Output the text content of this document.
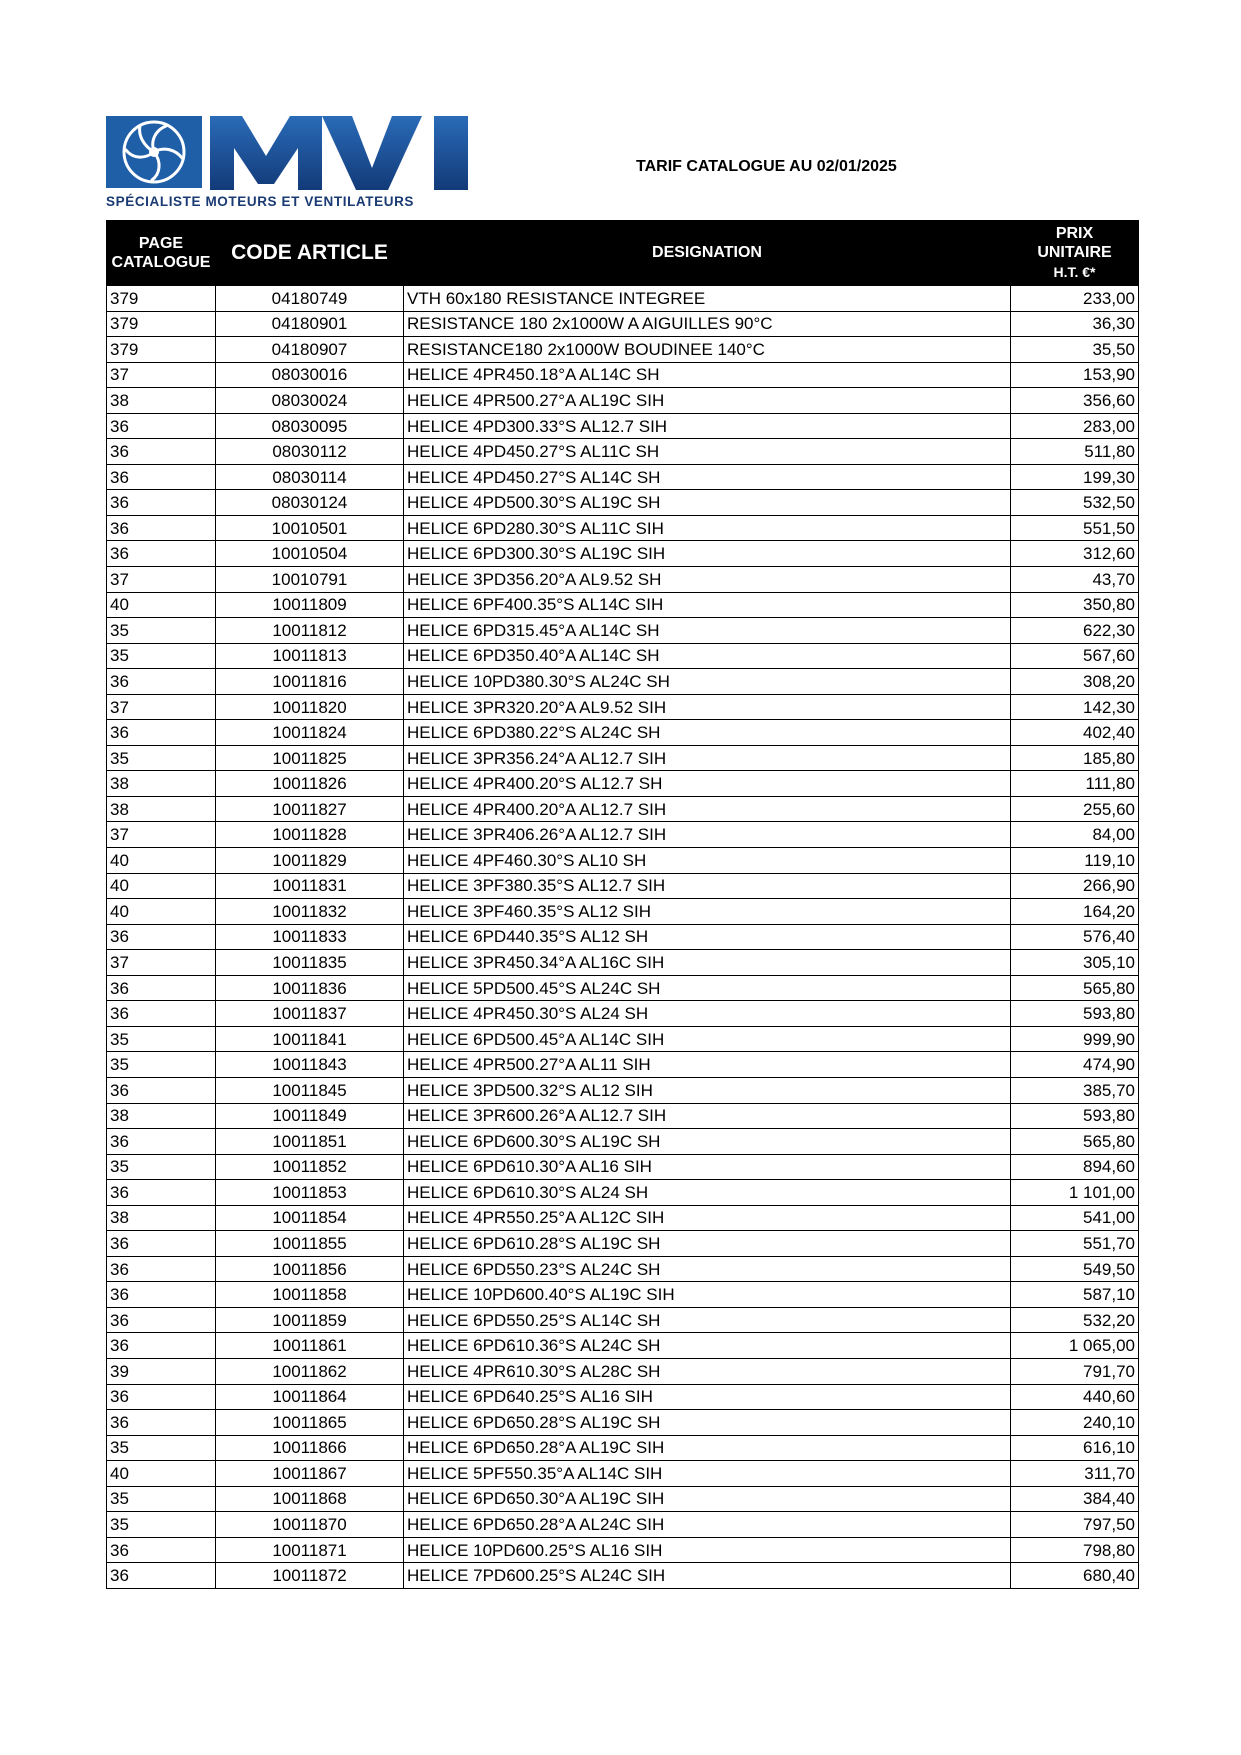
SPÉCIALISTE MOTEURS ET VENTILATEURS
TARIF CATALOGUE AU 02/01/2025
PAGE
CATALOGUE	CODE ARTICLE	DESIGNATION	PRIX
UNITAIRE
H.T. €*
379	04180749	VTH 60x180 RESISTANCE INTEGREE	233,00
379	04180901	RESISTANCE 180 2x1000W A AIGUILLES 90°C	36,30
379	04180907	RESISTANCE180 2x1000W BOUDINEE 140°C	35,50
37	08030016	HELICE 4PR450.18°A AL14C SH	153,90
38	08030024	HELICE 4PR500.27°A AL19C SIH	356,60
36	08030095	HELICE 4PD300.33°S AL12.7 SIH	283,00
36	08030112	HELICE 4PD450.27°S AL11C SH	511,80
36	08030114	HELICE 4PD450.27°S AL14C SH	199,30
36	08030124	HELICE 4PD500.30°S AL19C SH	532,50
36	10010501	HELICE 6PD280.30°S AL11C SIH	551,50
36	10010504	HELICE 6PD300.30°S AL19C SIH	312,60
37	10010791	HELICE 3PD356.20°A AL9.52 SH	43,70
40	10011809	HELICE 6PF400.35°S AL14C SIH	350,80
35	10011812	HELICE 6PD315.45°A AL14C SH	622,30
35	10011813	HELICE 6PD350.40°A AL14C SH	567,60
36	10011816	HELICE 10PD380.30°S AL24C SH	308,20
37	10011820	HELICE 3PR320.20°A AL9.52 SIH	142,30
36	10011824	HELICE 6PD380.22°S AL24C SH	402,40
35	10011825	HELICE 3PR356.24°A AL12.7 SIH	185,80
38	10011826	HELICE 4PR400.20°S AL12.7 SH	111,80
38	10011827	HELICE 4PR400.20°A AL12.7 SIH	255,60
37	10011828	HELICE 3PR406.26°A AL12.7 SIH	84,00
40	10011829	HELICE 4PF460.30°S AL10 SH	119,10
40	10011831	HELICE 3PF380.35°S AL12.7 SIH	266,90
40	10011832	HELICE 3PF460.35°S AL12 SIH	164,20
36	10011833	HELICE 6PD440.35°S AL12 SH	576,40
37	10011835	HELICE 3PR450.34°A AL16C SIH	305,10
36	10011836	HELICE 5PD500.45°S AL24C SH	565,80
36	10011837	HELICE 4PR450.30°S AL24 SH	593,80
35	10011841	HELICE 6PD500.45°A AL14C SIH	999,90
35	10011843	HELICE 4PR500.27°A AL11 SIH	474,90
36	10011845	HELICE 3PD500.32°S AL12 SIH	385,70
38	10011849	HELICE 3PR600.26°A AL12.7 SIH	593,80
36	10011851	HELICE 6PD600.30°S AL19C SH	565,80
35	10011852	HELICE 6PD610.30°A AL16 SIH	894,60
36	10011853	HELICE 6PD610.30°S AL24 SH	1 101,00
38	10011854	HELICE 4PR550.25°A AL12C SIH	541,00
36	10011855	HELICE 6PD610.28°S AL19C SH	551,70
36	10011856	HELICE 6PD550.23°S AL24C SH	549,50
36	10011858	HELICE 10PD600.40°S AL19C SIH	587,10
36	10011859	HELICE 6PD550.25°S AL14C SH	532,20
36	10011861	HELICE 6PD610.36°S AL24C SH	1 065,00
39	10011862	HELICE 4PR610.30°S AL28C SH	791,70
36	10011864	HELICE 6PD640.25°S AL16 SIH	440,60
36	10011865	HELICE 6PD650.28°S AL19C SH	240,10
35	10011866	HELICE 6PD650.28°A AL19C SIH	616,10
40	10011867	HELICE 5PF550.35°A AL14C SIH	311,70
35	10011868	HELICE 6PD650.30°A AL19C SIH	384,40
35	10011870	HELICE 6PD650.28°A AL24C SIH	797,50
36	10011871	HELICE 10PD600.25°S AL16 SIH	798,80
36	10011872	HELICE 7PD600.25°S AL24C SIH	680,40
